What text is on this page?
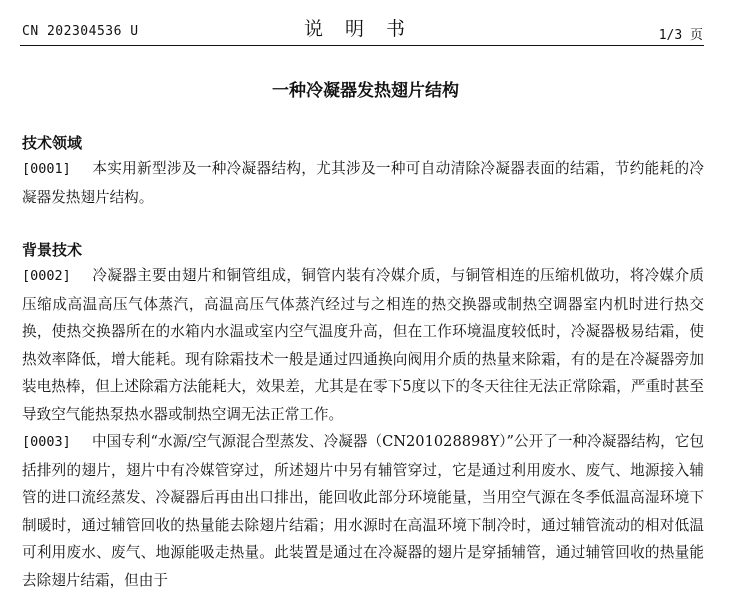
CN 202304536 U	说明书	1/3 页
一种冷凝器发热翅片结构
技术领域
[0001] 本实用新型涉及一种冷凝器结构，尤其涉及一种可自动清除冷凝器表面的结霜，节约能耗的冷凝器发热翅片结构。
背景技术
[0002] 冷凝器主要由翅片和铜管组成，铜管内装有冷媒介质，与铜管相连的压缩机做功，将冷媒介质压缩成高温高压气体蒸汽，高温高压气体蒸汽经过与之相连的热交换器或制热空调器室内机时进行热交换，使热交换器所在的水箱内水温或室内空气温度升高，但在工作环境温度较低时，冷凝器极易结霜，使热效率降低，增大能耗。现有除霜技术一般是通过四通换向阀用介质的热量来除霜，有的是在冷凝器旁加装电热棒，但上述除霜方法能耗大，效果差，尤其是在零下5度以下的冬天往往无法正常除霜，严重时甚至导致空气能热泵热水器或制热空调无法正常工作。
[0003] 中国专利“水源/空气源混合型蒸发、冷凝器（CN201028898Y）”公开了一种冷凝器结构，它包括排列的翅片，翅片中有冷媒管穿过，所述翅片中另有辅管穿过，它是通过利用废水、废气、地源接入辅管的进口流经蒸发、冷凝器后再由出口排出，能回收此部分环境能量，当用空气源在冬季低温高湿环境下制暖时，通过辅管回收的热量能去除翅片结霜；用水源时在高温环境下制冷时，通过辅管流动的相对低温可利用废水、废气、地源能吸走热量。此装置是通过在冷凝器的翅片是穿插辅管，通过辅管回收的热量能去除翅片结霜，但由于
